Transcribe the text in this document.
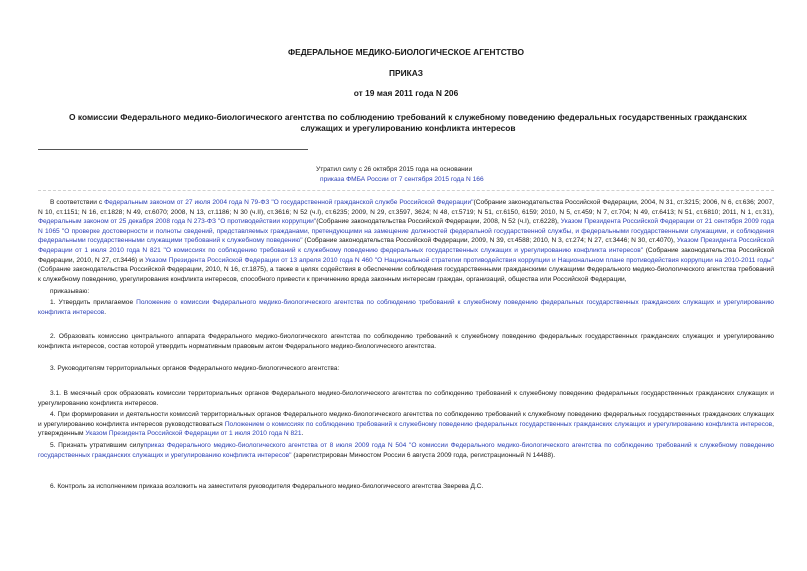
ФЕДЕРАЛЬНОЕ МЕДИКО-БИОЛОГИЧЕСКОЕ АГЕНТСТВО
ПРИКАЗ
от 19 мая 2011 года N 206
О комиссии Федерального медико-биологического агентства по соблюдению требований к служебному поведению федеральных государственных гражданских служащих и урегулированию конфликта интересов
Утратил силу с 26 октября 2015 года на основании
приказа ФМБА России от 7 сентября 2015 года N 166
В соответствии с Федеральным законом от 27 июля 2004 года N 79-ФЗ "О государственной гражданской службе Российской Федерации"(Собрание законодательства Российской Федерации, 2004, N 31, ст.3215; 2006, N 6, ст.636; 2007, N 10, ст.1151; N 16, ст.1828; N 49, ст.6070; 2008, N 13, ст.1186; N 30 (ч.II), ст.3616; N 52 (ч.I), ст.6235; 2009, N 29, ст.3597, 3624; N 48, ст.5719; N 51, ст.6150, 6159; 2010, N 5, ст.459; N 7, ст.704; N 49, ст.6413; N 51, ст.6810; 2011, N 1, ст.31), Федеральным законом от 25 декабря 2008 года N 273-ФЗ "О противодействии коррупции"(Собрание законодательства Российской Федерации, 2008, N 52 (ч.I), ст.6228), Указом Президента Российской Федерации от 21 сентября 2009 года N 1065 "О проверке достоверности и полноты сведений, представляемых гражданами, претендующими на замещение должностей федеральной государственной службы, и федеральными государственными служащими, и соблюдения федеральными государственными служащими требований к служебному поведению" (Собрание законодательства Российской Федерации, 2009, N 39, ст.4588; 2010, N 3, ст.274; N 27, ст.3446; N 30, ст.4070), Указом Президента Российской Федерации от 1 июля 2010 года N 821 "О комиссиях по соблюдению требований к служебному поведению федеральных государственных служащих и урегулированию конфликта интересов" (Собрание законодательства Российской Федерации, 2010, N 27, ст.3446) и Указом Президента Российской Федерации от 13 апреля 2010 года N 460 "О Национальной стратегии противодействия коррупции и Национальном плане противодействия коррупции на 2010-2011 годы" (Собрание законодательства Российской Федерации, 2010, N 16, ст.1875), а также в целях содействия в обеспечении соблюдения государственными гражданскими служащими Федерального медико-биологического агентства требований к служебному поведению, урегулирования конфликта интересов, способного привести к причинению вреда законным интересам граждан, организаций, общества или Российской Федерации,
приказываю:
1. Утвердить прилагаемое Положение о комиссии Федерального медико-биологического агентства по соблюдению требований к служебному поведению федеральных государственных гражданских служащих и урегулированию конфликта интересов.
2. Образовать комиссию центрального аппарата Федерального медико-биологического агентства по соблюдению требований к служебному поведению федеральных государственных гражданских служащих и урегулированию конфликта интересов, состав которой утвердить нормативным правовым актом Федерального медико-биологического агентства.
3. Руководителям территориальных органов Федерального медико-биологического агентства:
3.1. В месячный срок образовать комиссии территориальных органов Федерального медико-биологического агентства по соблюдению требований к служебному поведению федеральных государственных гражданских служащих и урегулированию конфликта интересов.
4. При формировании и деятельности комиссий территориальных органов Федерального медико-биологического агентства по соблюдению требований к служебному поведению федеральных государственных гражданских служащих и урегулированию конфликта интересов руководствоваться Положением о комиссиях по соблюдению требований к служебному поведению федеральных государственных гражданских служащих и урегулированию конфликта интересов, утвержденным Указом Президента Российской Федерации от 1 июля 2010 года N 821.
5. Признать утратившим силуприказ Федерального медико-биологического агентства от 8 июля 2009 года N 504 "О комиссии Федерального медико-биологического агентства по соблюдению требований к служебному поведению государственных гражданских служащих и урегулированию конфликта интересов" (зарегистрирован Минюстом России 6 августа 2009 года, регистрационный N 14488).
6. Контроль за исполнением приказа возложить на заместителя руководителя Федерального медико-биологического агентства Зверева Д.С.
